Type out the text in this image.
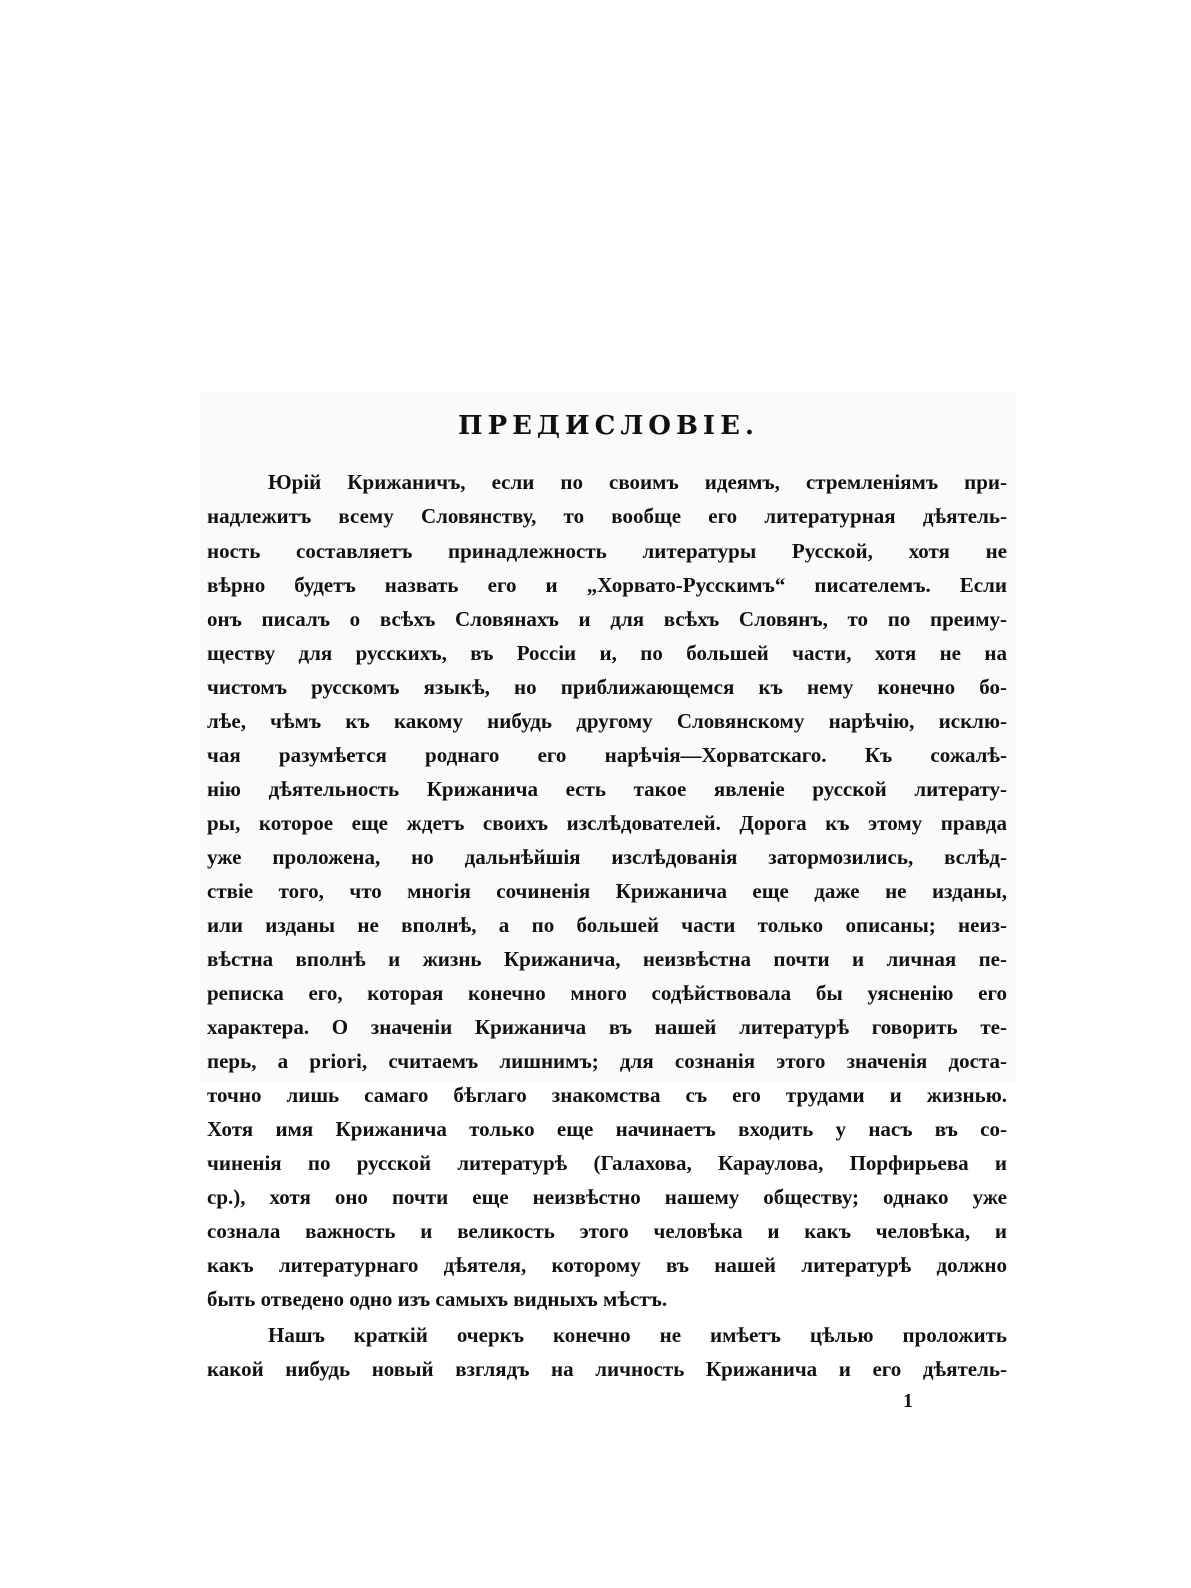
ПРЕДИСЛОВІЕ.
Юрій Крижаничъ, если по своимъ идеямъ, стремленіямъ при-
надлежитъ всему Словянству, то вообще его литературная дѣятель-
ность составляетъ принадлежность литературы Русской, хотя не
вѣрно будетъ назвать его и „Хорвато-Русскимъ“ писателемъ. Если
онъ писалъ о всѣхъ Словянахъ и для всѣхъ Словянъ, то по преиму-
ществу для русскихъ, въ Россіи и, по большей части, хотя не на
чистомъ русскомъ языкѣ, но приближающемся къ нему конечно бо-
лѣе, чѣмъ къ какому нибудь другому Словянскому нарѣчію, исклю-
чая разумѣется роднаго его нарѣчія—Хорватскаго. Къ сожалѣ-
нію дѣятельность Крижанича есть такое явленіе русской литерату-
ры, которое еще ждетъ своихъ изслѣдователей. Дорога къ этому правда
уже проложена, но дальнѣйшія изслѣдованія затормозились, вслѣд-
ствіе того, что многія сочиненія Крижанича еще даже не изданы,
или изданы не вполнѣ, а по большей части только описаны; неиз-
вѣстна вполнѣ и жизнь Крижанича, неизвѣстна почти и личная пе-
реписка его, которая конечно много содѣйствовала бы уясненію его
характера. О значеніи Крижанича въ нашей литературѣ говорить те-
перь, a priori, считаемъ лишнимъ; для сознанія этого значенія доста-
точно лишь самаго бѣглаго знакомства съ его трудами и жизнью.
Хотя имя Крижанича только еще начинаетъ входить у насъ въ со-
чиненія по русской литературѣ (Галахова, Караулова, Порфирьева и
ср.), хотя оно почти еще неизвѣстно нашему обществу; однако уже
сознала важность и великость этого человѣка и какъ человѣка, и
какъ литературнаго дѣятеля, которому въ нашей литературѣ должно
быть отведено одно изъ самыхъ видныхъ мѣстъ.
Нашъ краткій очеркъ конечно не имѣетъ цѣлью проложить
какой нибудь новый взглядъ на личность Крижанича и его дѣятель-
1
